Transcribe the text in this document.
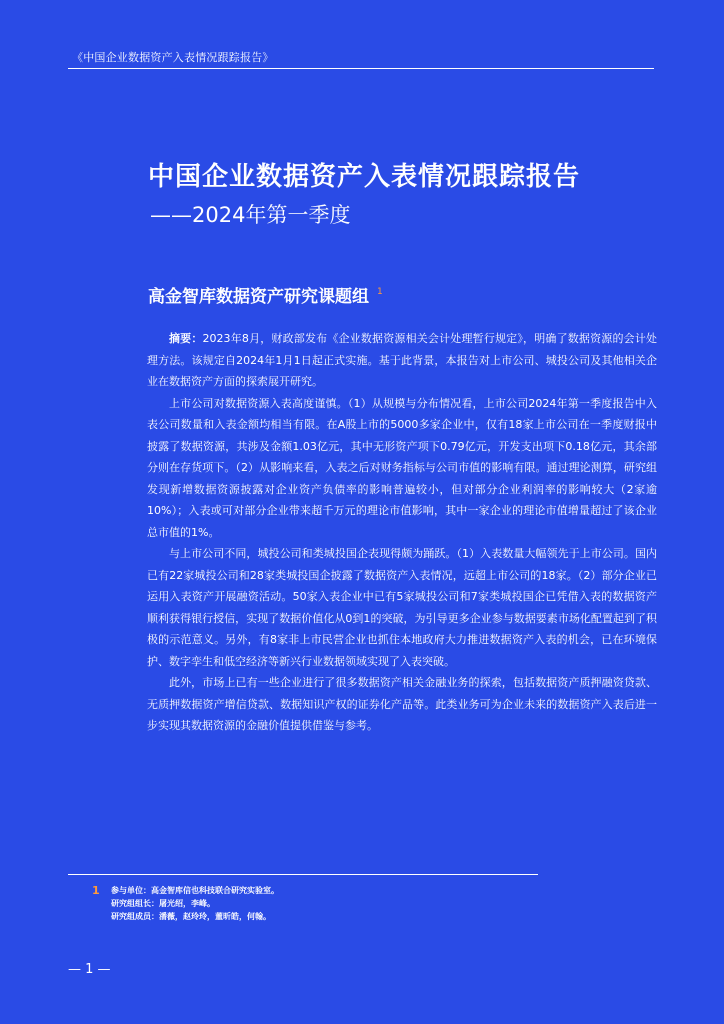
《中国企业数据资产入表情况跟踪报告》
中国企业数据资产入表情况跟踪报告
——2024年第一季度
高金智库数据资产研究课题组 $^1$

摘要：2023年8月，财政部发布《企业数据资源相关会计处理暂行规定》，明确了数据资源的会计处理方法。该规定自2024年1月1日起正式实施。基于此背景，本报告对上市公司、城投公司及其他相关企业在数据资产方面的探索展开研究。

上市公司对数据资源入表高度谨慎。（1）从规模与分布情况看，上市公司2024年第一季度报告中入表公司数量和入表金额均相当有限。在A股上市的5000多家企业中，仅有18家上市公司在一季度财报中披露了数据资源，共涉及金额1.03亿元，其中无形资产项下0.79亿元，开发支出项下0.18亿元，其余部分则在存货项下。（2）从影响来看，入表之后对财务指标与公司市值的影响有限。通过理论测算，研究组发现新增数据资源披露对企业资产负债率的影响普遍较小，但对部分企业利润率的影响较大（2家逾10%）；入表或可对部分企业带来超千万元的理论市值影响，其中一家企业的理论市值增量超过了该企业总市值的1%。

与上市公司不同，城投公司和类城投国企表现得颇为踊跃。（1）入表数量大幅领先于上市公司。国内已有22家城投公司和28家类城投国企披露了数据资产入表情况，远超上市公司的18家。（2）部分企业已运用入表资产开展融资活动。50家入表企业中已有5家城投公司和7家类城投国企已凭借入表的数据资产顺利获得银行授信，实现了数据价值化从0到1的突破，为引导更多企业参与数据要素市场化配置起到了积极的示范意义。另外，有8家非上市民营企业也抓住本地政府大力推进数据资产入表的机会，已在环境保护、数字孪生和低空经济等新兴行业数据领域实现了入表突破。

此外，市场上已有一些企业进行了很多数据资产相关金融业务的探索，包括数据资产质押融资贷款、无质押数据资产增信贷款、数据知识产权的证券化产品等。此类业务可为企业未来的数据资产入表后进一步实现其数据资源的金融价值提供借鉴与参考。

1 参与单位：高金智库信也科技联合研究实验室。
研究组组长：屠光绍，李峰。
研究组成员：潘薇，赵玲玲，董昕皓，何翰。
— 1 —
